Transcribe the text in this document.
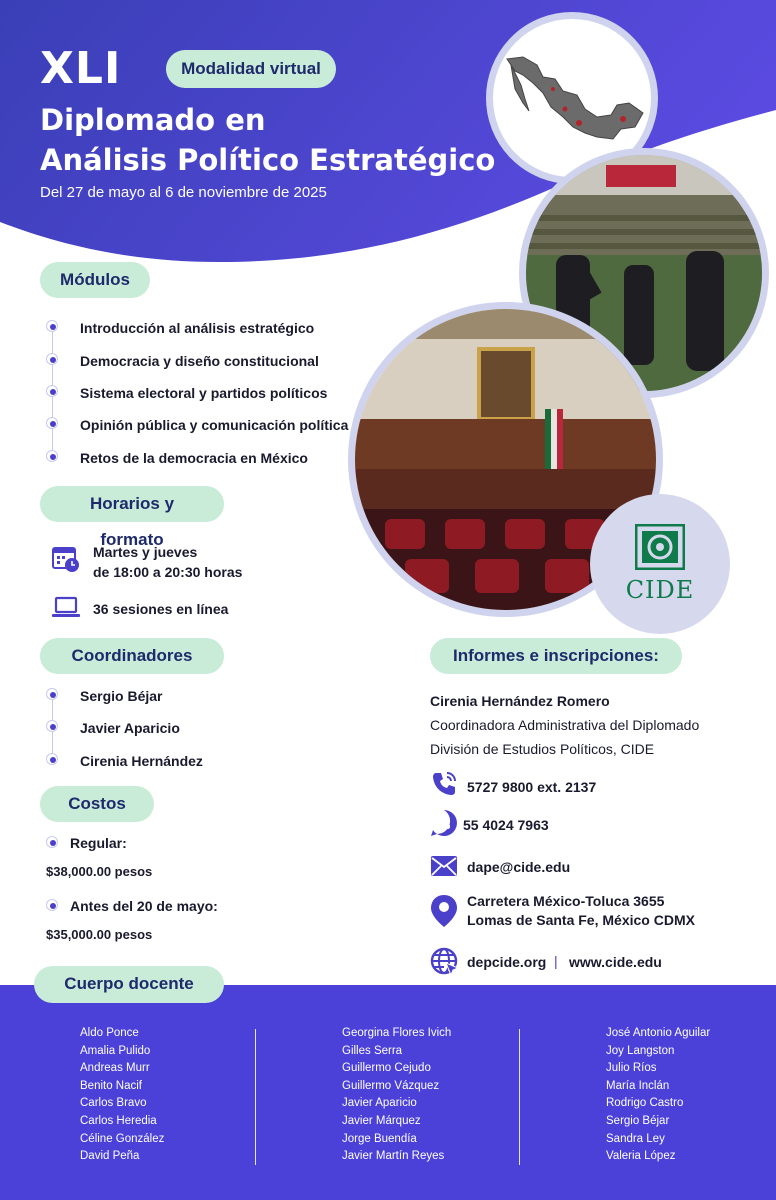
XLI	Modalidad virtual
Diplomado en
Análisis Político Estratégico
Del 27 de mayo al 6 de noviembre de 2025
CIDE
Módulos
Introducción al análisis estratégico
Democracia y diseño constitucional
Sistema electoral y partidos políticos
Opinión pública y comunicación política
Retos de la democracia en México
Horarios y formato
Martes y jueves
de 18:00 a 20:30 horas
36 sesiones en línea
Coordinadores
Sergio Béjar
Javier Aparicio
Cirenia Hernández
Costos
Regular:
$38,000.00 pesos
Antes del 20 de mayo:
$35,000.00 pesos
Informes e inscripciones:
Cirenia Hernández Romero
Coordinadora Administrativa del Diplomado
División de Estudios Políticos, CIDE
5727 9800 ext. 2137
55 4024 7963
dape@cide.edu
Carretera México-Toluca 3655
Lomas de Santa Fe, México CDMX
depcide.org | www.cide.edu
Cuerpo docente
Aldo Ponce
Amalia Pulido
Andreas Murr
Benito Nacif
Carlos Bravo
Carlos Heredia
Céline González
David Peña
Georgina Flores Ivich
Gilles Serra
Guillermo Cejudo
Guillermo Vázquez
Javier Aparicio
Javier Márquez
Jorge Buendía
Javier Martín Reyes
José Antonio Aguilar
Joy Langston
Julio Ríos
María Inclán
Rodrigo Castro
Sergio Béjar
Sandra Ley
Valeria López
